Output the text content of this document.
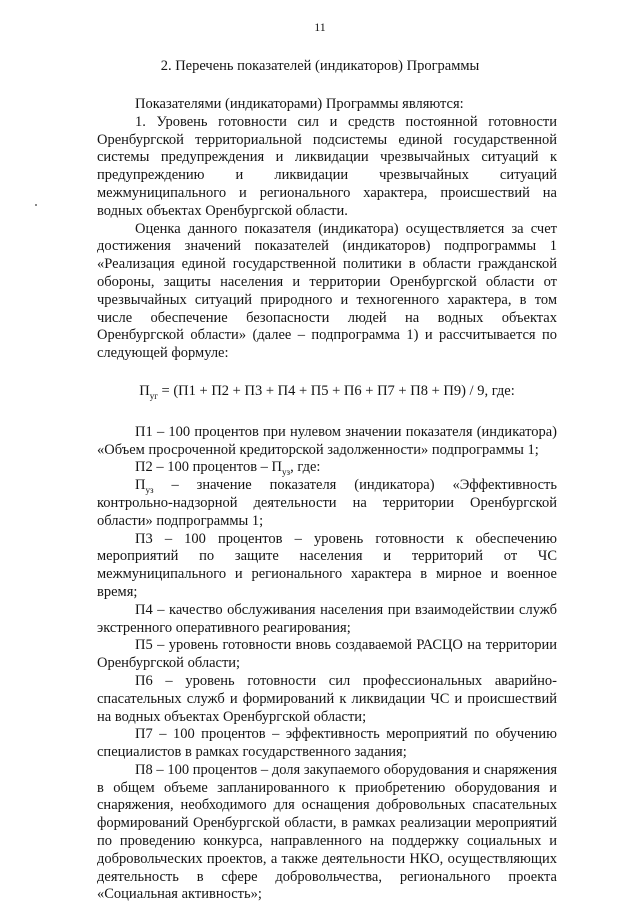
11
2. Перечень показателей (индикаторов) Программы

Показателями (индикаторами) Программы являются:

1. Уровень готовности сил и средств постоянной готовности Оренбургской территориальной подсистемы единой государственной системы предупреждения и ликвидации чрезвычайных ситуаций к предупреждению и ликвидации чрезвычайных ситуаций межмуниципального и регионального характера, происшествий на водных объектах Оренбургской области.

Оценка данного показателя (индикатора) осуществляется за счет достижения значений показателей (индикаторов) подпрограммы 1 «Реализация единой государственной политики в области гражданской обороны, защиты населения и территории Оренбургской области от чрезвычайных ситуаций природного и техногенного характера, в том числе обеспечение безопасности людей на водных объектах Оренбургской области» (далее – подпрограмма 1) и рассчитывается по следующей формуле:

$П_{уг} = (П1 + П2 + П3 + П4 + П5 + П6 + П7 + П8 + П9) / 9$, где:

П1 – 100 процентов при нулевом значении показателя (индикатора) «Объем просроченной кредиторской задолженности» подпрограммы 1;

П2 – 100 процентов – $П_{уз}$, где:

$П_{уз}$ – значение показателя (индикатора) «Эффективность контрольно-надзорной деятельности на территории Оренбургской области» подпрограммы 1;

П3 – 100 процентов – уровень готовности к обеспечению мероприятий по защите населения и территорий от ЧС межмуниципального и регионального характера в мирное и военное время;

П4 – качество обслуживания населения при взаимодействии служб экстренного оперативного реагирования;

П5 – уровень готовности вновь создаваемой РАСЦО на территории Оренбургской области;

П6 – уровень готовности сил профессиональных аварийно-спасательных служб и формирований к ликвидации ЧС и происшествий на водных объектах Оренбургской области;

П7 – 100 процентов – эффективность мероприятий по обучению специалистов в рамках государственного задания;

П8 – 100 процентов – доля закупаемого оборудования и снаряжения в общем объеме запланированного к приобретению оборудования и снаряжения, необходимого для оснащения добровольных спасательных формирований Оренбургской области, в рамках реализации мероприятий по проведению конкурса, направленного на поддержку социальных и добровольческих проектов, а также деятельности НКО, осуществляющих деятельность в сфере добровольчества, регионального проекта «Социальная активность»;
